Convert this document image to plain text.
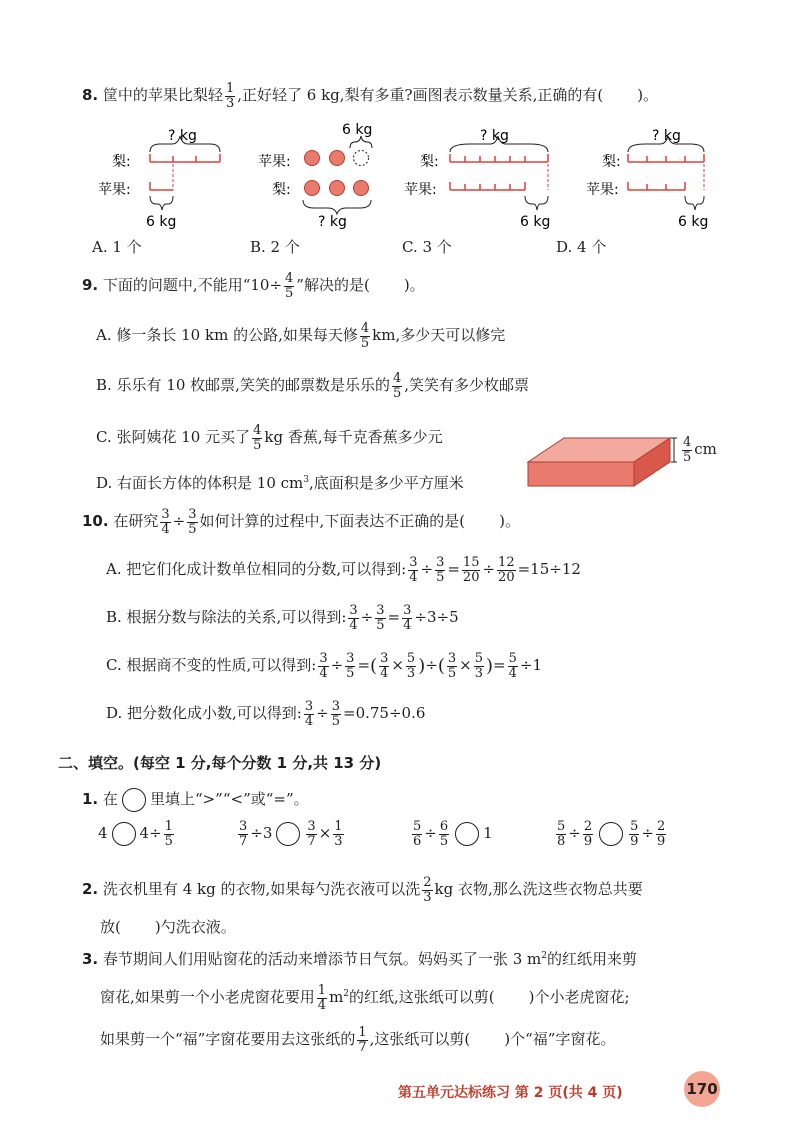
8. 筐中的苹果比梨轻 $\frac{1}{3}$ ,正好轻了 6 kg,梨有多重?画图表示数量关系,正确的有( )。
? kg
梨:
苹果:
6 kg
苹果:
6 kg
梨:
? kg
? kg
梨:
苹果:
6 kg
? kg
梨:
苹果:
6 kg
A. 1 个	B. 2 个	C. 3 个	D. 4 个
9. 下面的问题中,不能用“$10\div \frac{4}{5}$ ”解决的是( )。
A. 修一条长 10 km 的公路,如果每天修 $\frac{4}{5}$ km,多少天可以修完
B. 乐乐有 10 枚邮票,笑笑的邮票数是乐乐的 $\frac{4}{5}$ ,笑笑有多少枚邮票
C. 张阿姨花 10 元买了 $\frac{4}{5}$ kg 香蕉,每千克香蕉多少元
D. 右面长方体的体积是 10 $cm^3$,底面积是多少平方厘米
$\frac{4}{5}$ cm
10. 在研究 $\frac{3}{4} \div \frac{3}{5}$ 如何计算的过程中,下面表达不正确的是( )。
A. 把它们化成计数单位相同的分数,可以得到: $\frac{3}{4} \div \frac{3}{5} = \frac{15}{20} \div \frac{12}{20} =15\div 12$
B. 根据分数与除法的关系,可以得到: $\frac{3}{4} \div \frac{3}{5} = \frac{3}{4} \div 3\div 5$
C. 根据商不变的性质,可以得到: $\frac{3}{4} \div \frac{3}{5}$ =( $\frac{3}{4} \times \frac{5}{3}$ )÷( $\frac{3}{5} \times \frac{5}{3}$ )= $\frac{5}{4} \div 1$
D. 把分数化成小数,可以得到: $\frac{3}{4} \div \frac{3}{5} =0.75\div 0.6$
二、填空。(每空 1 分,每个分数 1 分,共 13 分)
1. 在 里填上“>”“<”或“=”。
4 $4\div \frac{1}{5}$	$\frac{3}{7} \div 3$	$\frac{3}{7} \times \frac{1}{3}$	$\frac{5}{6} \div \frac{6}{5} 1$	$\frac{5}{8} \div \frac{2}{9}$	$\frac{5}{9} \div \frac{2}{9}$
2. 洗衣机里有 4 kg 的衣物,如果每勺洗衣液可以洗 $\frac{2}{3}$ kg 衣物,那么洗这些衣物总共要
放( )勺洗衣液。
3. 春节期间人们用贴窗花的活动来增添节日气氛。妈妈买了一张 3 $m^2$的红纸用来剪
窗花,如果剪一个小老虎窗花要用 $\frac{1}{4} m^2$的红纸,这张纸可以剪( )个小老虎窗花;
如果剪一个“福”字窗花要用去这张纸的 $\frac{1}{7}$ ,这张纸可以剪( )个“福”字窗花。
第五单元达标练习 第 2 页(共 4 页)	170
